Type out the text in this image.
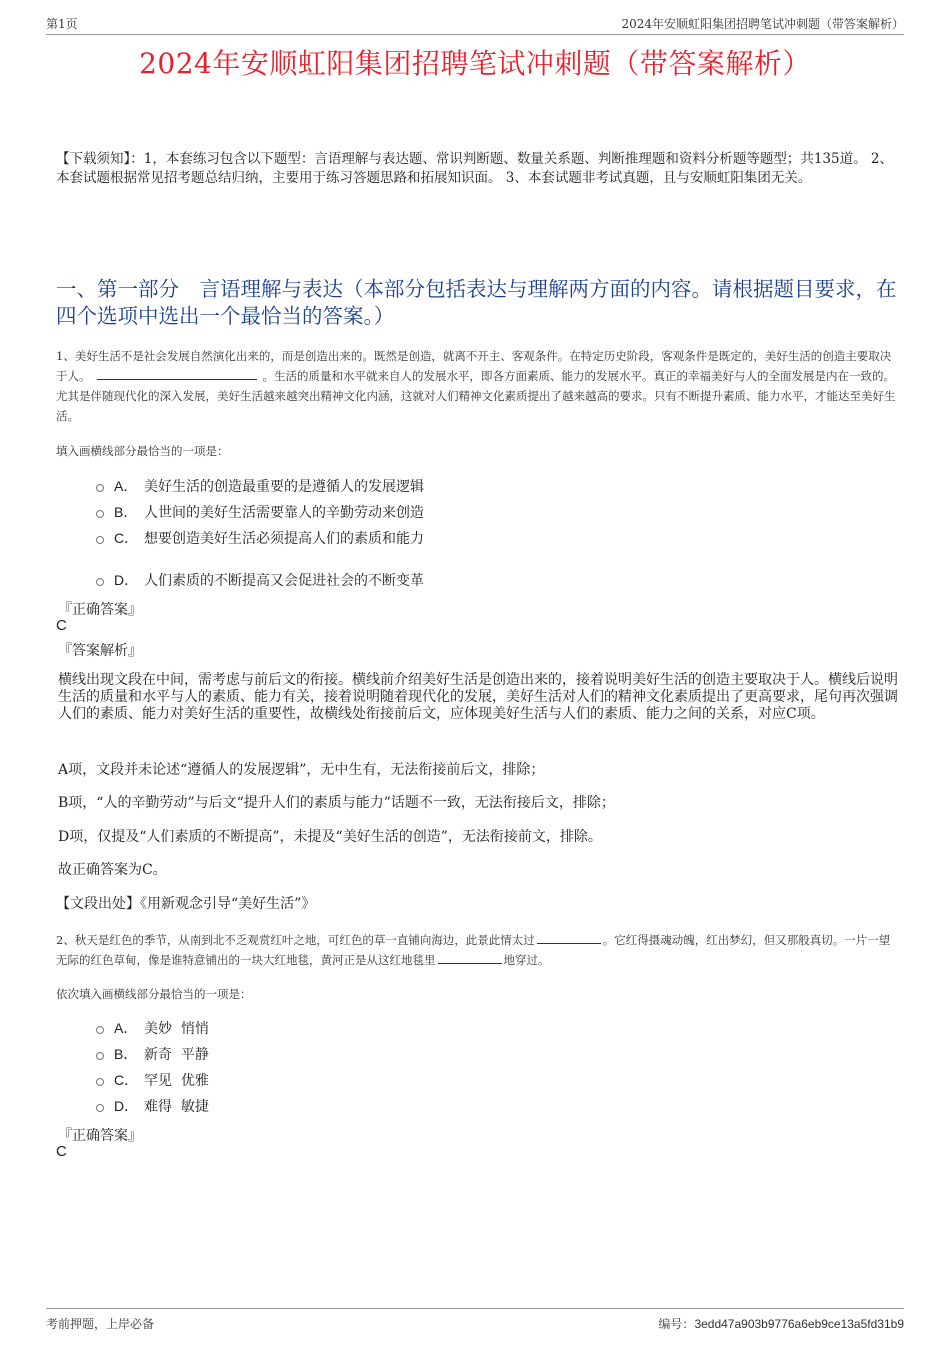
第1页	2024年安顺虹阳集团招聘笔试冲刺题（带答案解析）
2024年安顺虹阳集团招聘笔试冲刺题（带答案解析）
【下载须知】：1，本套练习包含以下题型：言语理解与表达题、常识判断题、数量关系题、判断推理题和资料分析题等题型；共135道。 2、本套试题根据常见招考题总结归纳，主要用于练习答题思路和拓展知识面。 3、本套试题非考试真题，且与安顺虹阳集团无关。
一、第一部分　言语理解与表达（本部分包括表达与理解两方面的内容。请根据题目要求，在四个选项中选出一个最恰当的答案。）
1、美好生活不是社会发展自然演化出来的，而是创造出来的。既然是创造，就离不开主、客观条件。在特定历史阶段，客观条件是既定的，美好生活的创造主要取决于人。	。生活的质量和水平就来自人的发展水平，即各方面素质、能力的发展水平。真正的幸福美好与人的全面发展是内在一致的。尤其是伴随现代化的深入发展，美好生活越来越突出精神文化内涵，这就对人们精神文化素质提出了越来越高的要求。只有不断提升素质、能力水平，才能达至美好生活。
填入画横线部分最恰当的一项是：
A． 美好生活的创造最重要的是遵循人的发展逻辑
B． 人世间的美好生活需要靠人的辛勤劳动来创造
C． 想要创造美好生活必须提高人们的素质和能力
D． 人们素质的不断提高又会促进社会的不断变革
『正确答案』
C
『答案解析』
横线出现文段在中间，需考虑与前后文的衔接。横线前介绍美好生活是创造出来的，接着说明美好生活的创造主要取决于人。横线后说明生活的质量和水平与人的素质、能力有关，接着说明随着现代化的发展，美好生活对人们的精神文化素质提出了更高要求，尾句再次强调人们的素质、能力对美好生活的重要性，故横线处衔接前后文，应体现美好生活与人们的素质、能力之间的关系，对应C项。
A项，文段并未论述“遵循人的发展逻辑”，无中生有，无法衔接前后文，排除；
B项，“人的辛勤劳动”与后文“提升人们的素质与能力”话题不一致，无法衔接后文，排除；
D项，仅提及“人们素质的不断提高”，未提及“美好生活的创造”，无法衔接前文，排除。
故正确答案为C。
【文段出处】《用新观念引导“美好生活”》
2、秋天是红色的季节，从南到北不乏观赏红叶之地，可红色的草一直铺向海边，此景此情太过	。它红得摄魂动魄，红出梦幻，但又那般真切。一片一望无际的红色草甸，像是谁特意铺出的一块大红地毯，黄河正是从这红地毯里	地穿过。
依次填入画横线部分最恰当的一项是：
A． 美妙  悄悄
B． 新奇  平静
C． 罕见  优雅
D． 难得  敏捷
『正确答案』
C
考前押题，上岸必备	编号：3edd47a903b9776a6eb9ce13a5fd31b9
